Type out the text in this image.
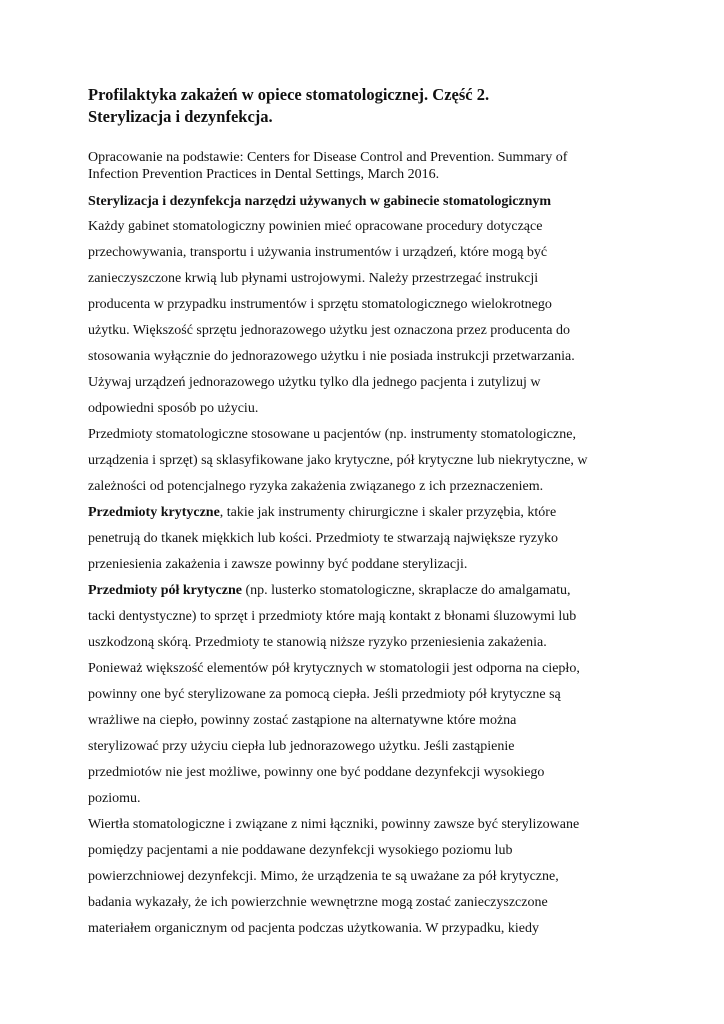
Profilaktyka zakażeń w opiece stomatologicznej. Część 2.
Sterylizacja i dezynfekcja.

Opracowanie na podstawie: Centers for Disease Control and Prevention. Summary of
Infection Prevention Practices in Dental Settings, March 2016.

Sterylizacja i dezynfekcja narzędzi używanych w gabinecie stomatologicznym

Każdy gabinet stomatologiczny powinien mieć opracowane procedury dotyczące
przechowywania, transportu i używania instrumentów i urządzeń, które mogą być
zanieczyszczone krwią lub płynami ustrojowymi. Należy przestrzegać instrukcji
producenta w przypadku instrumentów i sprzętu stomatologicznego wielokrotnego
użytku. Większość sprzętu jednorazowego użytku jest oznaczona przez producenta do
stosowania wyłącznie do jednorazowego użytku i nie posiada instrukcji przetwarzania.
Używaj urządzeń jednorazowego użytku tylko dla jednego pacjenta i zutylizuj w
odpowiedni sposób po użyciu.

Przedmioty stomatologiczne stosowane u pacjentów (np. instrumenty stomatologiczne,
urządzenia i sprzęt) są sklasyfikowane jako krytyczne, pół krytyczne lub niekrytyczne, w
zależności od potencjalnego ryzyka zakażenia związanego z ich przeznaczeniem.

Przedmioty krytyczne, takie jak instrumenty chirurgiczne i skaler przyzębia, które
penetrują do tkanek miękkich lub kości. Przedmioty te stwarzają największe ryzyko
przeniesienia zakażenia i zawsze powinny być poddane sterylizacji.

Przedmioty pół krytyczne (np. lusterko stomatologiczne, skraplacze do amalgamatu,
tacki dentystyczne) to sprzęt i przedmioty które mają kontakt z błonami śluzowymi lub
uszkodzoną skórą. Przedmioty te stanowią niższe ryzyko przeniesienia zakażenia.
Ponieważ większość elementów pół krytycznych w stomatologii jest odporna na ciepło,
powinny one być sterylizowane za pomocą ciepła. Jeśli przedmioty pół krytyczne są
wrażliwe na ciepło, powinny zostać zastąpione na alternatywne które można
sterylizować przy użyciu ciepła lub jednorazowego użytku. Jeśli zastąpienie
przedmiotów nie jest możliwe, powinny one być poddane dezynfekcji wysokiego
poziomu.

Wiertła stomatologiczne i związane z nimi łączniki, powinny zawsze być sterylizowane
pomiędzy pacjentami a nie poddawane dezynfekcji wysokiego poziomu lub
powierzchniowej dezynfekcji. Mimo, że urządzenia te są uważane za pół krytyczne,
badania wykazały, że ich powierzchnie wewnętrzne mogą zostać zanieczyszczone
materiałem organicznym od pacjenta podczas użytkowania. W przypadku, kiedy
